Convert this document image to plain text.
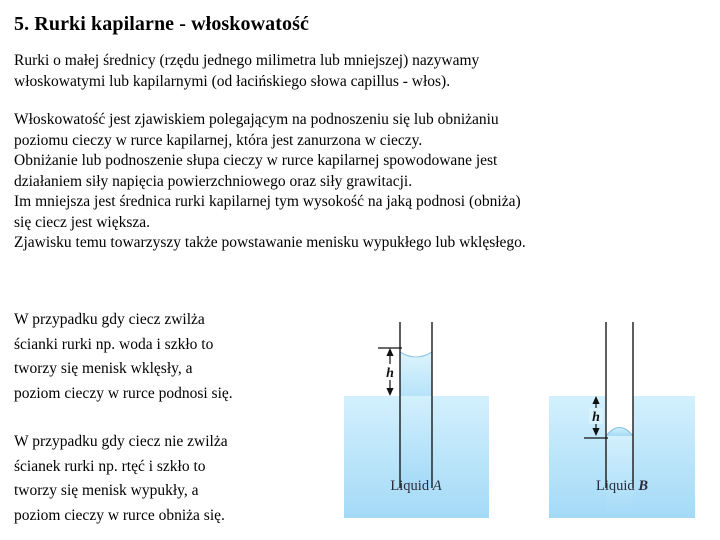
5. Rurki kapilarne - włoskowatość
Rurki o małej średnicy (rzędu jednego milimetra lub mniejszej) nazywamy
włoskowatymi lub kapilarnymi (od łacińskiego słowa capillus - włos).
Włoskowatość jest zjawiskiem polegającym na podnoszeniu się lub obniżaniu
poziomu cieczy w rurce kapilarnej, która jest zanurzona w cieczy.
Obniżanie lub podnoszenie słupa cieczy w rurce kapilarnej spowodowane jest
działaniem siły napięcia powierzchniowego oraz siły grawitacji.
Im mniejsza jest średnica rurki kapilarnej tym wysokość na jaką podnosi (obniża)
się ciecz jest większa.
Zjawisku temu towarzyszy także powstawanie menisku wypukłego lub wklęsłego.
W przypadku gdy ciecz zwilża
ścianki rurki np. woda i szkło to
tworzy się menisk wklęsły, a
poziom cieczy w rurce podnosi się.
W przypadku gdy ciecz nie zwilża
ścianek rurki np. rtęć i szkło to
tworzy się menisk wypukły, a
poziom cieczy w rurce obniża się.
h
Liquid A
h
Liquid B
